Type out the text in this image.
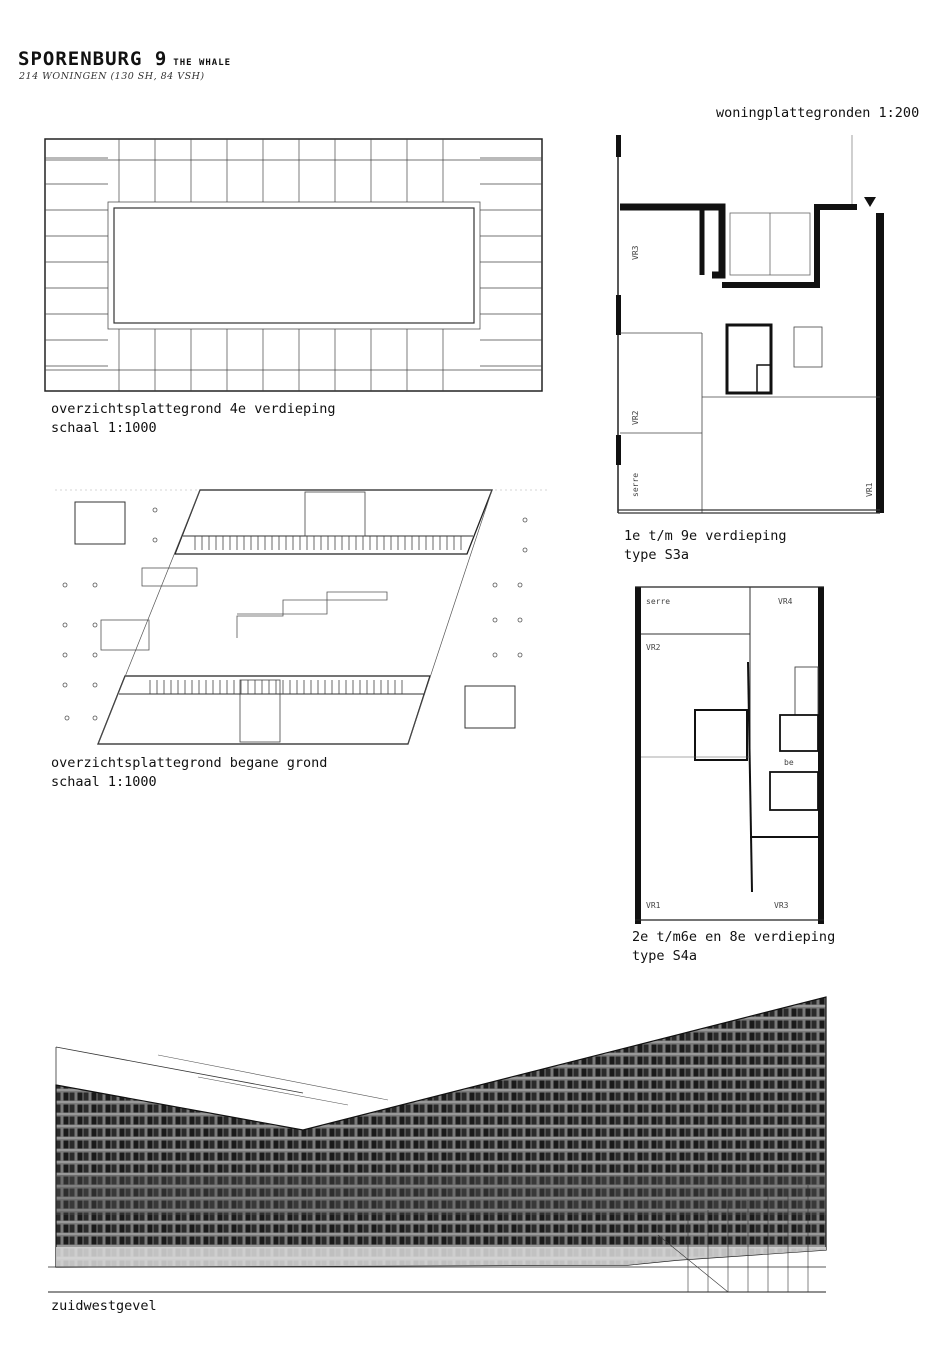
SPORENBURG 9 THE WHALE
214 WONINGEN (130 SH, 84 VSH)
woningplattegronden 1:200
overzichtsplattegrond 4e verdieping
schaal 1:1000
overzichtsplattegrond begane grond
schaal 1:1000
VR3
VR2
serre	VR1
1e t/m 9e verdieping
type S3a
serre	VR4
VR2
be
VR1	VR3
2e t/m6e en 8e verdieping
type S4a
zuidwestgevel
